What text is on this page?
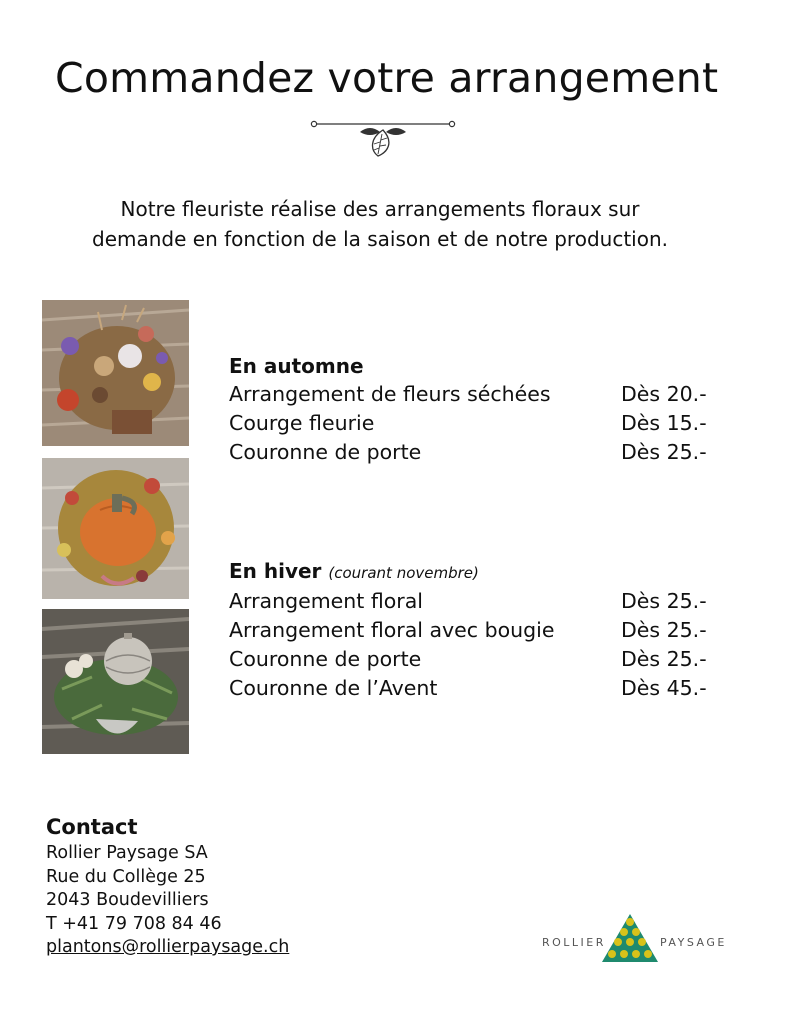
Commandez votre arrangement
Notre fleuriste réalise des arrangements floraux sur
demande en fonction de la saison et de notre production.
En automne
Arrangement de fleurs séchées	Dès 20.-
Courge fleurie	Dès 15.-
Couronne de porte	Dès 25.-
En hiver (courant novembre)
Arrangement floral	Dès 25.-
Arrangement floral avec bougie	Dès 25.-
Couronne de porte	Dès 25.-
Couronne de l’Avent	Dès 45.-
Contact
Rollier Paysage SA
Rue du Collège 25
2043 Boudevilliers
T +41 79 708 84 46
plantons@rollierpaysage.ch	ROLLIER	PAYSAGE
